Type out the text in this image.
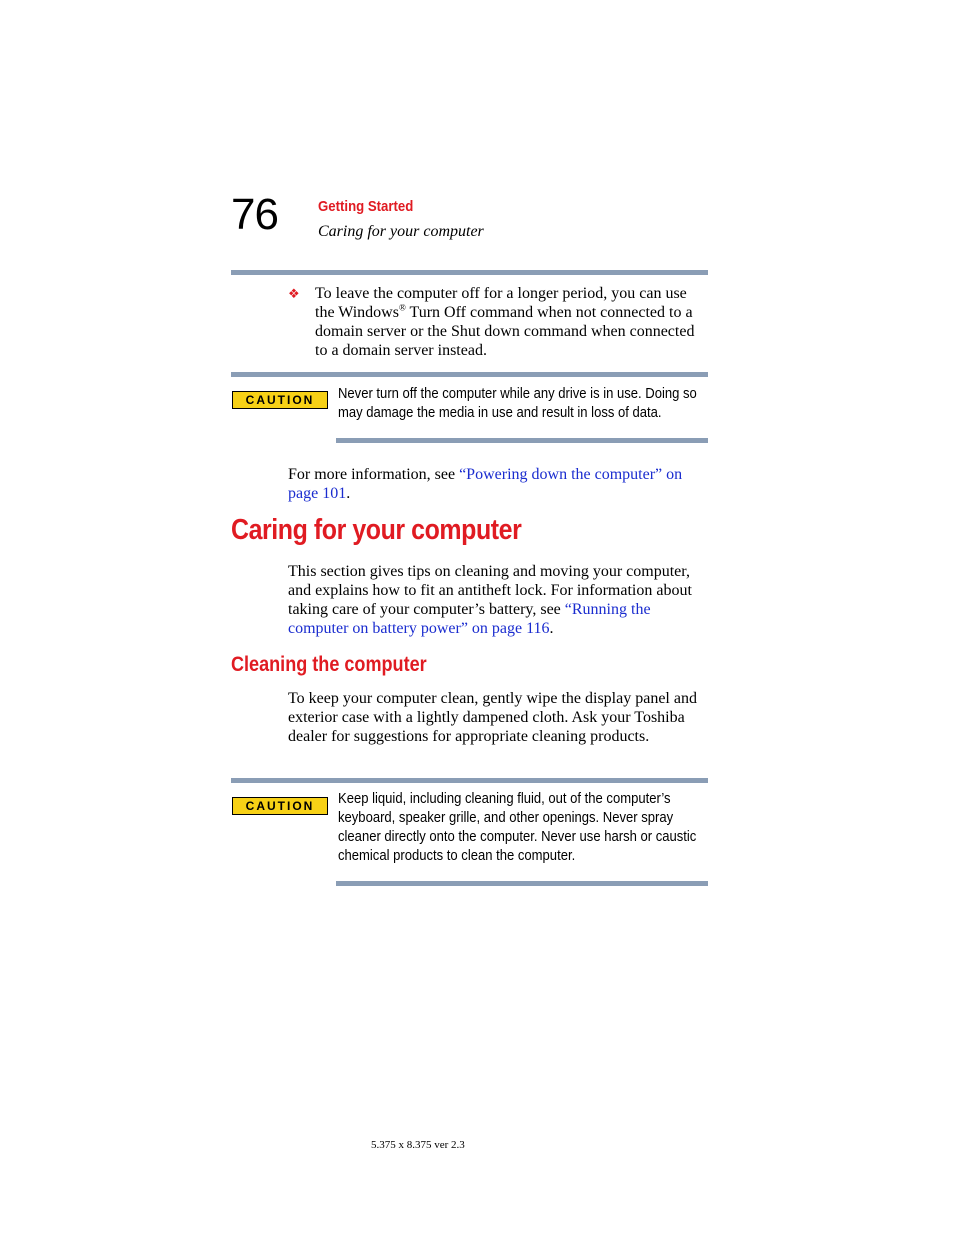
76	Getting Started
Caring for your computer
❖ To leave the computer off for a longer period, you can use the Windows® Turn Off command when not connected to a domain server or the Shut down command when connected to a domain server instead.
CAUTION	Never turn off the computer while any drive is in use. Doing so may damage the media in use and result in loss of data.
For more information, see “Powering down the computer” on page 101.
Caring for your computer
This section gives tips on cleaning and moving your computer, and explains how to fit an antitheft lock. For information about taking care of your computer’s battery, see “Running the computer on battery power” on page 116.
Cleaning the computer
To keep your computer clean, gently wipe the display panel and exterior case with a lightly dampened cloth. Ask your Toshiba dealer for suggestions for appropriate cleaning products.
CAUTION	Keep liquid, including cleaning fluid, out of the computer’s keyboard, speaker grille, and other openings. Never spray cleaner directly onto the computer. Never use harsh or caustic chemical products to clean the computer.
5.375 x 8.375 ver 2.3
